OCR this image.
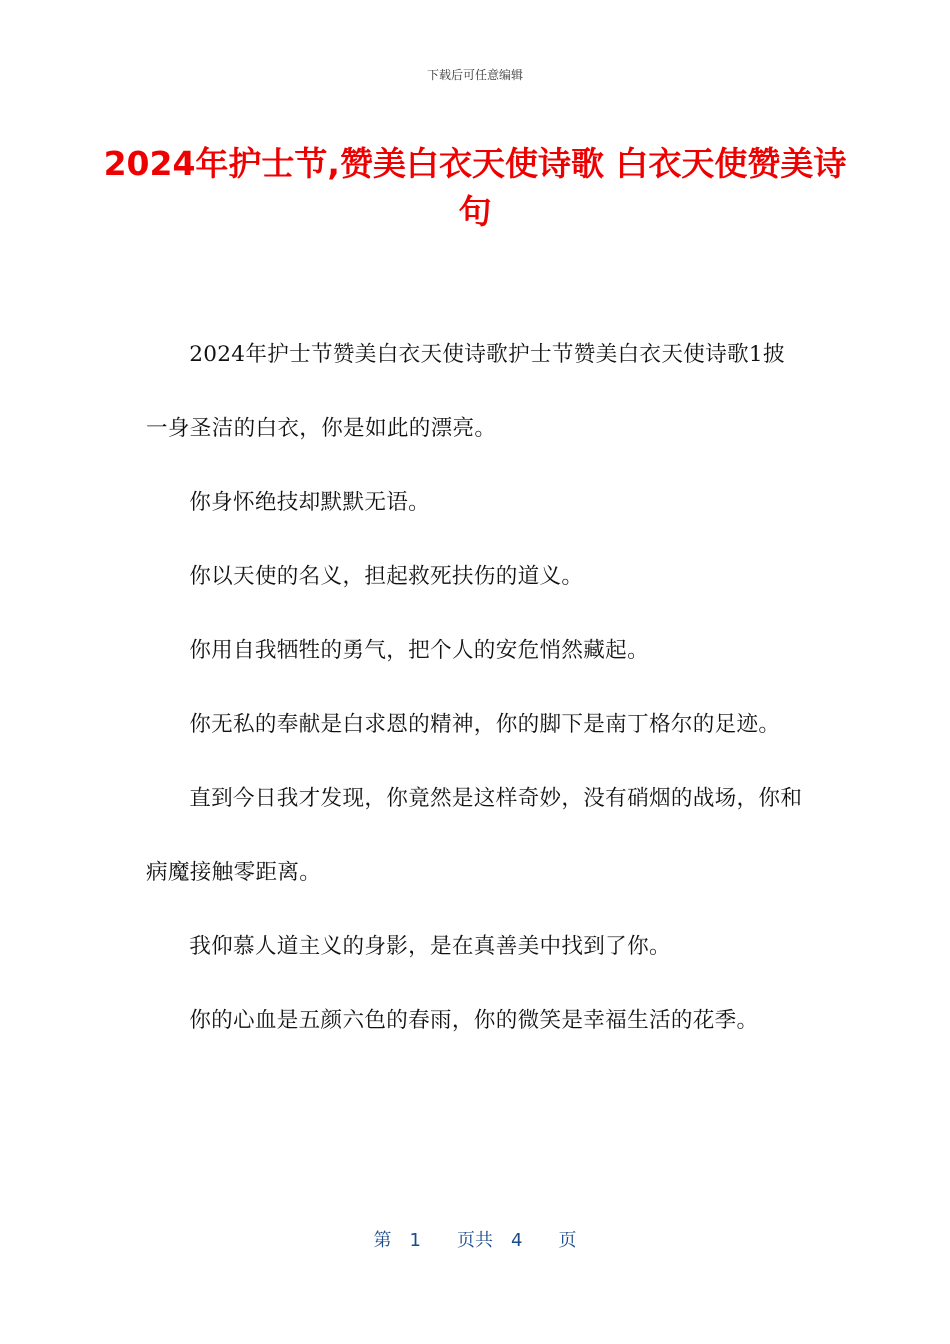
下载后可任意编辑
2024年护士节,赞美白衣天使诗歌 白衣天使赞美诗句

2024年护士节赞美白衣天使诗歌护士节赞美白衣天使诗歌1披一身圣洁的白衣，你是如此的漂亮。

你身怀绝技却默默无语。

你以天使的名义，担起救死扶伤的道义。

你用自我牺牲的勇气，把个人的安危悄然藏起。

你无私的奉献是白求恩的精神，你的脚下是南丁格尔的足迹。

直到今日我才发现，你竟然是这样奇妙，没有硝烟的战场，你和病魔接触零距离。

我仰慕人道主义的身影，是在真善美中找到了你。

你的心血是五颜六色的春雨，你的微笑是幸福生活的花季。

第 1 页共 4 页
